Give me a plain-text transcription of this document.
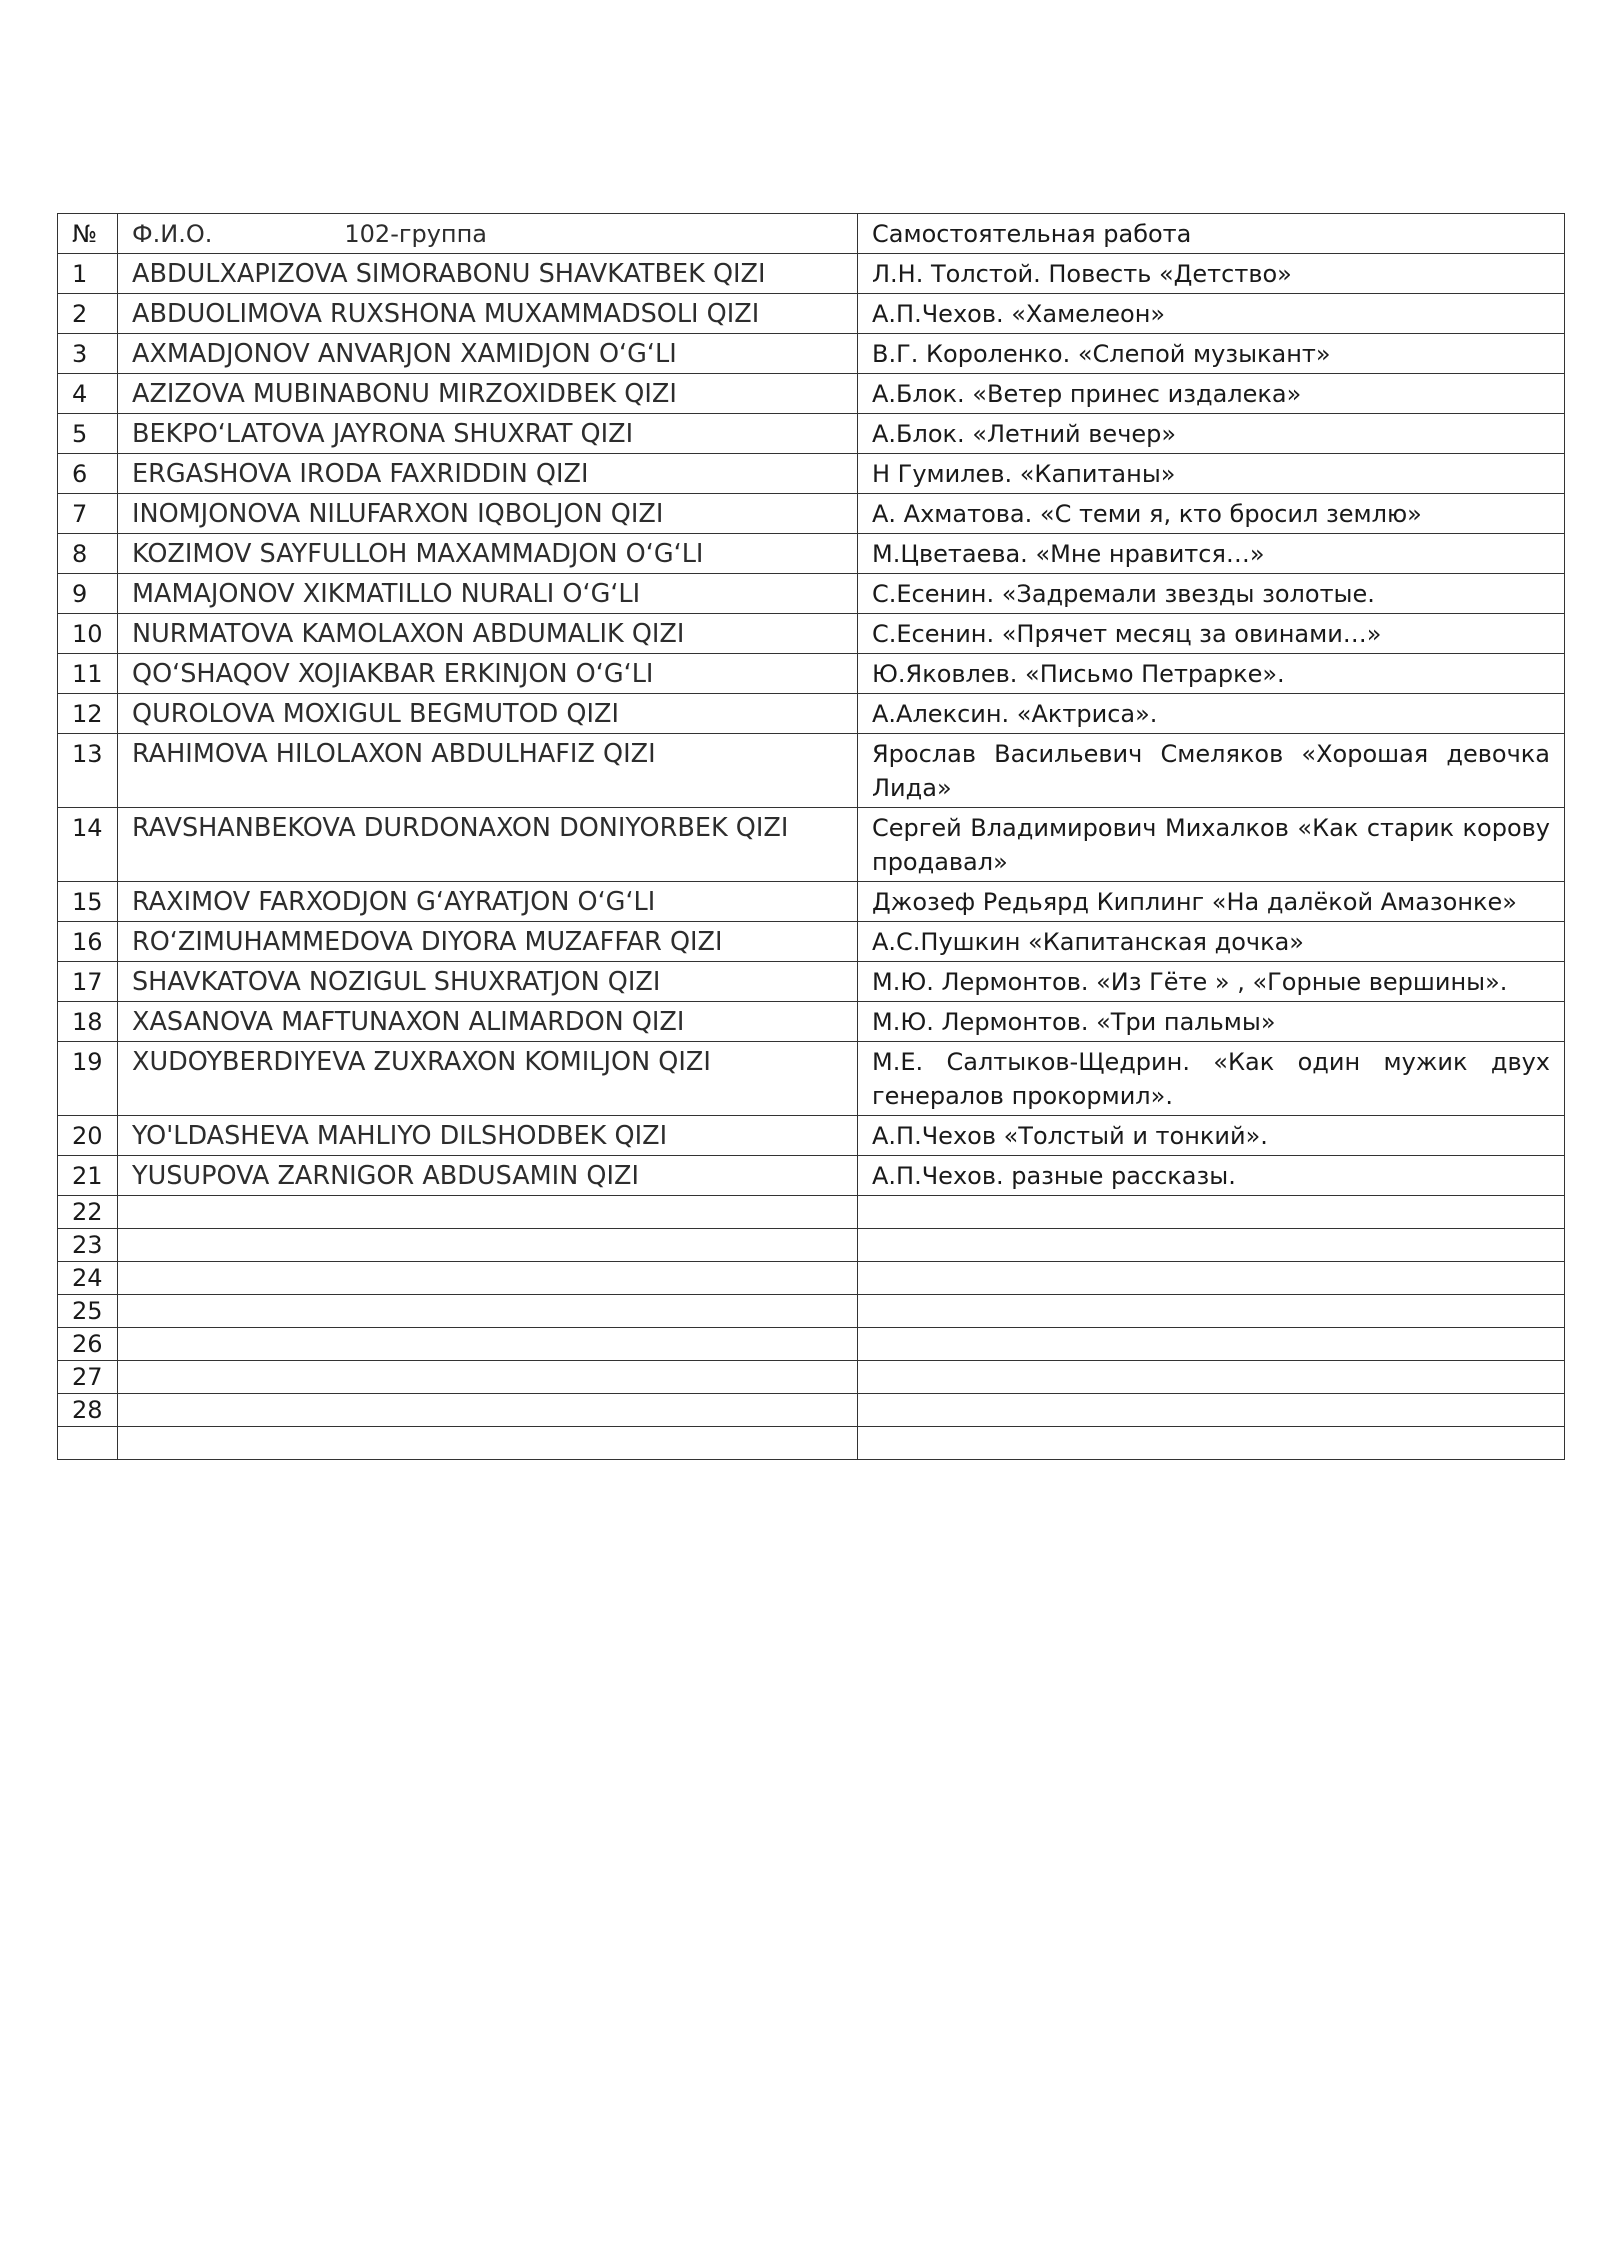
№	Ф.И.О. 102-группа	Самостоятельная работа
1	ABDULXAPIZOVA SIMORABONU SHAVKATBEK QIZI	Л.Н. Толстой. Повесть «Детство»
2	ABDUOLIMOVA RUXSHONA MUXAMMADSOLI QIZI	А.П.Чехов. «Хамелеон»
3	AXMADJONOV ANVARJON XAMIDJON O‘G‘LI	В.Г. Короленко. «Слепой музыкант»
4	AZIZOVA MUBINABONU MIRZOXIDBEK QIZI	А.Блок. «Ветер принес издалека»
5	BEKPO‘LATOVA JAYRONA SHUXRAT QIZI	А.Блок. «Летний вечер»
6	ERGASHOVA IRODA FAXRIDDIN QIZI	Н Гумилев. «Капитаны»
7	INOMJONOVA NILUFARXON IQBOLJON QIZI	А. Ахматова. «С теми я, кто бросил землю»
8	KOZIMOV SAYFULLOH MAXAMMADJON O‘G‘LI	М.Цветаева. «Мне нравится…»
9	MAMAJONOV XIKMATILLO NURALI O‘G‘LI	С.Есенин. «Задремали звезды золотые.
10	NURMATOVA KAMOLAXON ABDUMALIK QIZI	С.Есенин. «Прячет месяц за овинами…»
11	QO‘SHAQOV XOJIAKBAR ERKINJON O‘G‘LI	Ю.Яковлев. «Письмо Петрарке».
12	QUROLOVA MOXIGUL BEGMUTOD QIZI	А.Алексин. «Актриса».
13	RAHIMOVA HILOLAXON ABDULHAFIZ QIZI	Ярослав Васильевич Смеляков «Хорошая девочка Лида»
14	RAVSHANBEKOVA DURDONAXON DONIYORBEK QIZI	Сергей Владимирович Михалков «Как старик корову продавал»
15	RAXIMOV FARXODJON G‘AYRATJON O‘G‘LI	Джозеф Редьярд Киплинг «На далёкой Амазонке»
16	RO‘ZIMUHAMMEDOVA DIYORA MUZAFFAR QIZI	А.С.Пушкин «Капитанская дочка»
17	SHAVKATOVA NOZIGUL SHUXRATJON QIZI	М.Ю. Лермонтов. «Из Гёте » , «Горные вершины».
18	XASANOVA MAFTUNAXON ALIMARDON QIZI	М.Ю. Лермонтов. «Три пальмы»
19	XUDOYBERDIYEVA ZUXRAXON KOMILJON QIZI	М.Е. Салтыков-Щедрин. «Как один мужик двух генералов прокормил».
20	YO'LDASHEVA MAHLIYO DILSHODBEK QIZI	А.П.Чехов «Толстый и тонкий».
21	YUSUPOVA ZARNIGOR ABDUSAMIN QIZI	А.П.Чехов. разные рассказы.
22		
23		
24		
25		
26		
27		
28		
